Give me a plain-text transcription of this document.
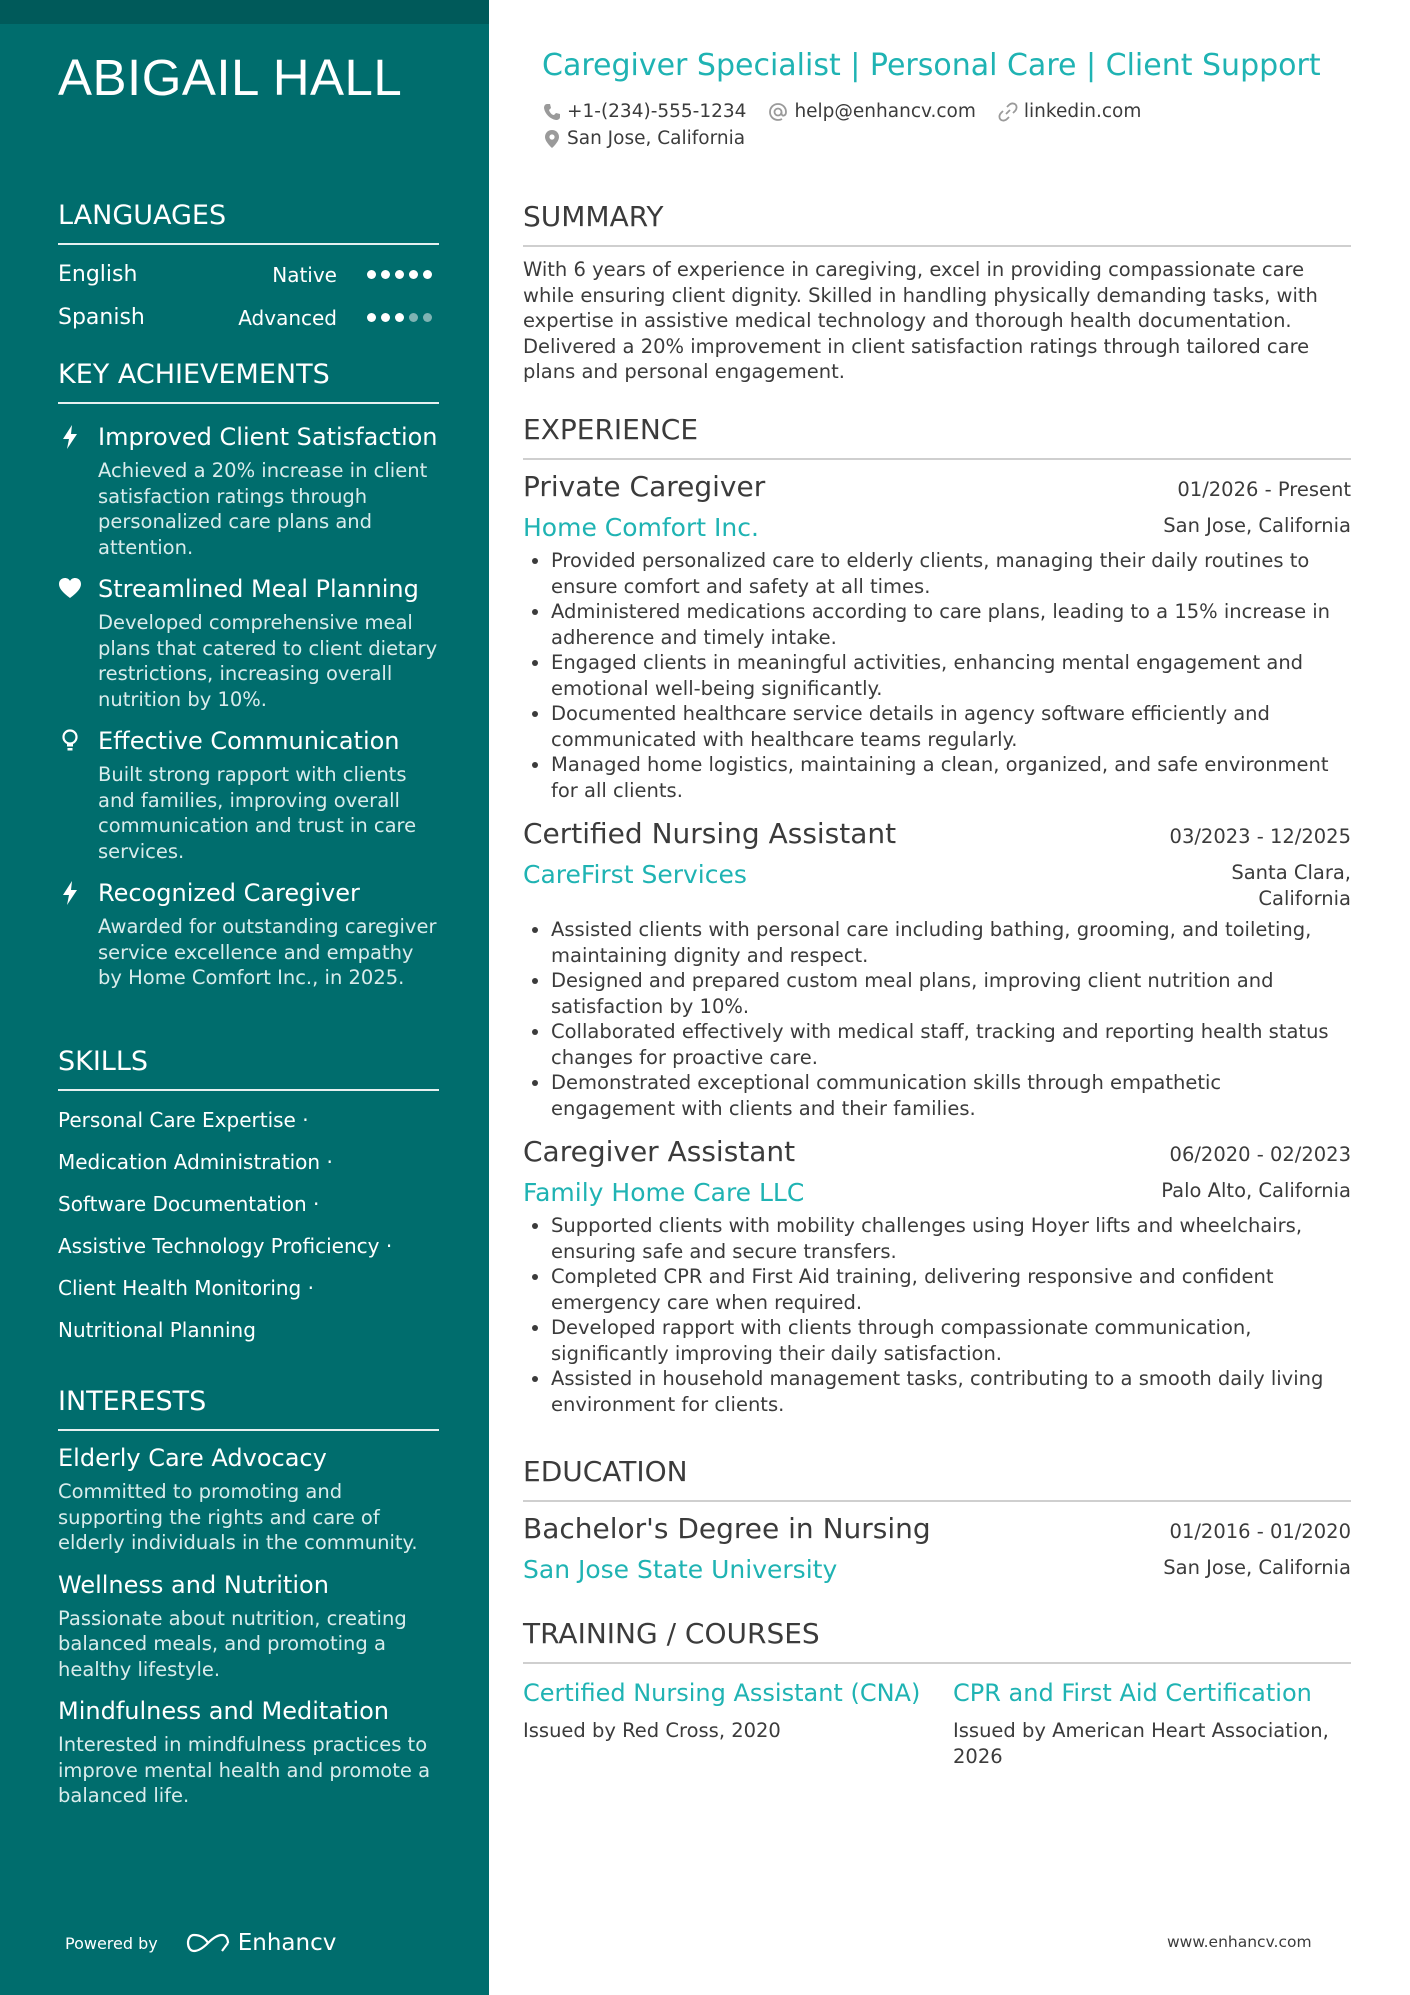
ABIGAIL HALL
LANGUAGES
English	Native
Spanish	Advanced
KEY ACHIEVEMENTS
Improved Client Satisfaction
Achieved a 20% increase in client satisfaction ratings through personalized care plans and attention.
Streamlined Meal Planning
Developed comprehensive meal plans that catered to client dietary restrictions, increasing overall nutrition by 10%.
Effective Communication
Built strong rapport with clients and families, improving overall communication and trust in care services.
Recognized Caregiver
Awarded for outstanding caregiver service excellence and empathy by Home Comfort Inc., in 2025.
SKILLS
Personal Care Expertise ·
Medication Administration ·
Software Documentation ·
Assistive Technology Proficiency ·
Client Health Monitoring ·
Nutritional Planning
INTERESTS
Elderly Care Advocacy
Committed to promoting and supporting the rights and care of elderly individuals in the community.
Wellness and Nutrition
Passionate about nutrition, creating balanced meals, and promoting a healthy lifestyle.
Mindfulness and Meditation
Interested in mindfulness practices to improve mental health and promote a balanced life.
Powered by	Enhancv
Caregiver Specialist | Personal Care | Client Support
+1-(234)-555-1234	help@enhancv.com	linkedin.com
San Jose, California
SUMMARY
With 6 years of experience in caregiving, excel in providing compassionate care while ensuring client dignity. Skilled in handling physically demanding tasks, with expertise in assistive medical technology and thorough health documentation. Delivered a 20% improvement in client satisfaction ratings through tailored care plans and personal engagement.
EXPERIENCE
Private Caregiver	01/2026 - Present
Home Comfort Inc.	San Jose, California
• Provided personalized care to elderly clients, managing their daily routines to ensure comfort and safety at all times.
• Administered medications according to care plans, leading to a 15% increase in adherence and timely intake.
• Engaged clients in meaningful activities, enhancing mental engagement and emotional well-being significantly.
• Documented healthcare service details in agency software efficiently and communicated with healthcare teams regularly.
• Managed home logistics, maintaining a clean, organized, and safe environment for all clients.
Certified Nursing Assistant	03/2023 - 12/2025
CareFirst Services	Santa Clara, California
• Assisted clients with personal care including bathing, grooming, and toileting, maintaining dignity and respect.
• Designed and prepared custom meal plans, improving client nutrition and satisfaction by 10%.
• Collaborated effectively with medical staff, tracking and reporting health status changes for proactive care.
• Demonstrated exceptional communication skills through empathetic engagement with clients and their families.
Caregiver Assistant	06/2020 - 02/2023
Family Home Care LLC	Palo Alto, California
• Supported clients with mobility challenges using Hoyer lifts and wheelchairs, ensuring safe and secure transfers.
• Completed CPR and First Aid training, delivering responsive and confident emergency care when required.
• Developed rapport with clients through compassionate communication, significantly improving their daily satisfaction.
• Assisted in household management tasks, contributing to a smooth daily living environment for clients.
EDUCATION
Bachelor's Degree in Nursing	01/2016 - 01/2020
San Jose State University	San Jose, California
TRAINING / COURSES
Certified Nursing Assistant (CNA)
Issued by Red Cross, 2020
CPR and First Aid Certification
Issued by American Heart Association, 2026
www.enhancv.com
